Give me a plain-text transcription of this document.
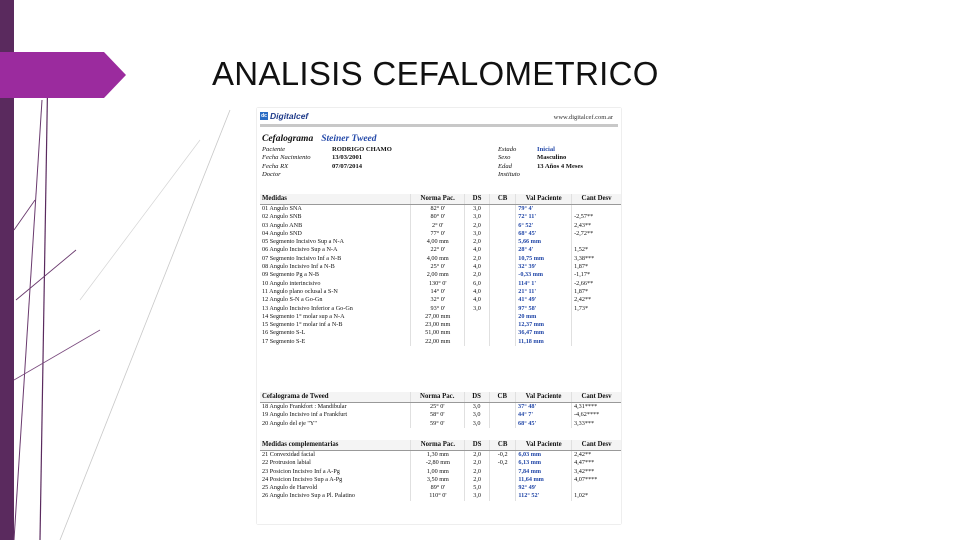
ANALISIS CEFALOMETRICO
dc Digitalcef	www.digitalcef.com.ar
Cefalograma Steiner Tweed
Paciente	RODRIGO CHAMO
Fecha Nacimiento	13/03/2001
Fecha RX	07/07/2014
Doctor
Estado	Inicial
Sexo	Masculino
Edad	13 Años 4 Meses
Instituto
Medidas	Norma Pac.	DS	CB	Val Paciente	Cant Desv
01 Angulo SNA	82° 0'	3,0		79° 4'	
02 Angulo SNB	80° 0'	3,0		72° 11'	-2,57**
03 Angulo ANB	2° 0'	2,0		6° 52'	2,43**
04 Angulo SND	77° 0'	3,0		68° 45'	-2,72**
05 Segmento Incisivo Sup a N-A	4,00 mm	2,0		5,66 mm	
06 Angulo Incisivo Sup a N-A	22° 0'	4,0		28° 4'	1,52*
07 Segmento Incisivo Inf a N-B	4,00 mm	2,0		10,75 mm	3,38***
08 Angulo Incisivo Inf a N-B	25° 0'	4,0		32° 39'	1,87*
09 Segmento Pg a N-B	2,00 mm	2,0		-0,33 mm	-1,17*
10 Angulo interincisivo	130° 0'	6,0		114° 1'	-2,66**
11 Angulo plano oclusal a S-N	14° 0'	4,0		21° 11'	1,87*
12 Angulo S-N a Go-Gn	32° 0'	4,0		41° 49'	2,42**
13 Angulo Incisivo Inferior a Go-Gn	93° 0'	3,0		97° 58'	1,73*
14 Segmento 1° molar sup a N-A	27,00 mm			20 mm	
15 Segmento 1° molar inf a N-B	23,00 mm			12,37 mm	
16 Segmento S-L	51,00 mm			36,47 mm	
17 Segmento S-E	22,00 mm			11,18 mm	
Cefalograma de Tweed	Norma Pac.	DS	CB	Val Paciente	Cant Desv
18 Angulo Frankfort : Mandibular	25° 0'	3,0		37° 48'	4,31****
19 Angulo Incisivo inf a Frankfurt	58° 0'	3,0		44° 7'	-4,62****
20 Angulo del eje "Y"	59° 0'	3,0		68° 45'	3,33***
Medidas complementarias	Norma Pac.	DS	CB	Val Paciente	Cant Desv
21 Convexidad facial	1,30 mm	2,0	-0,2	6,03 mm	2,42**
22 Protrusion labial	-2,80 mm	2,0	-0,2	6,13 mm	4,47***
23 Posicion Incisivo Inf a A-Pg	1,00 mm	2,0		7,84 mm	3,42***
24 Posicion Incisivo Sup a A-Pg	3,50 mm	2,0		11,64 mm	4,07****
25 Angulo de Harvold	89° 0'	5,0		92° 49'	
26 Angulo Incisivo Sup a Pl. Palatino	110° 0'	3,0		112° 52'	1,02*
